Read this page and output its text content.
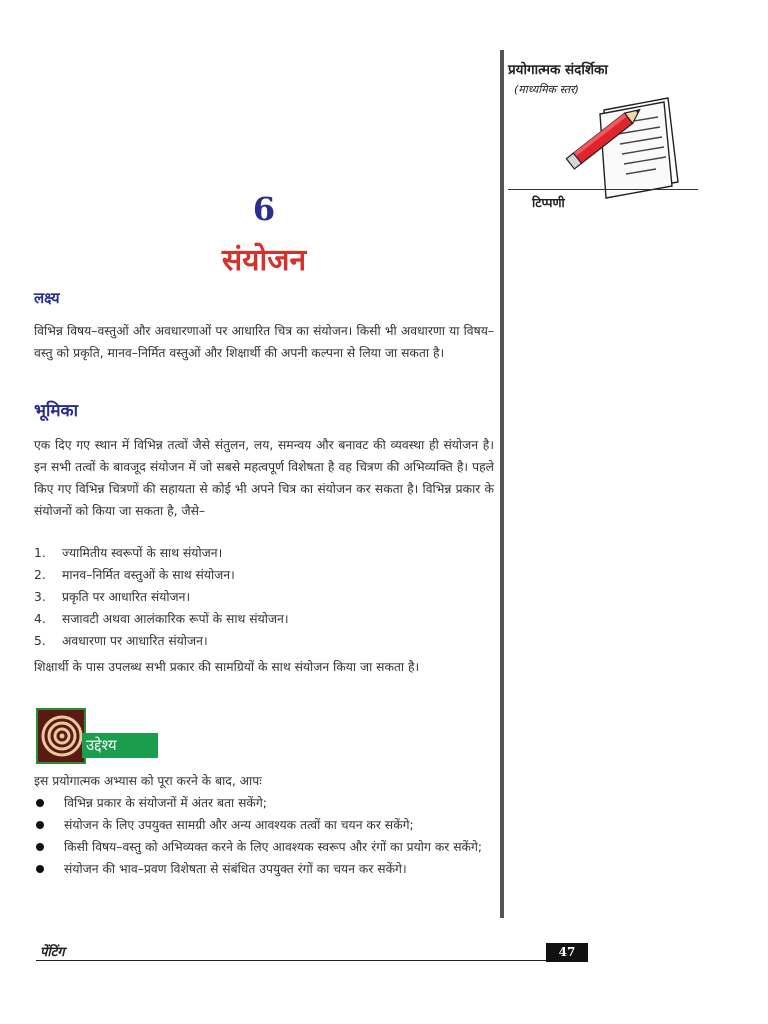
प्रयोगात्मक संदर्शिका
(माध्यमिक स्तर)
टिप्पणी
6
संयोजन
लक्ष्य
विभिन्न विषय–वस्तुओं और अवधारणाओं पर आधारित चित्र का संयोजन। किसी भी अवधारणा या विषय–वस्तु को प्रकृति, मानव–निर्मित वस्तुओं और शिक्षार्थी की अपनी कल्पना से लिया जा सकता है।
भूमिका
एक दिए गए स्थान में विभिन्न तत्वों जैसे संतुलन, लय, समन्वय और बनावट की व्यवस्था ही संयोजन है। इन सभी तत्वों के बावजूद संयोजन में जो सबसे महत्वपूर्ण विशेषता है वह चित्रण की अभिव्यक्ति है। पहले किए गए विभिन्न चित्रणों की सहायता से कोई भी अपने चित्र का संयोजन कर सकता है। विभिन्न प्रकार के संयोजनों को किया जा सकता है, जैसे–
1. ज्यामितीय स्वरूपों के साथ संयोजन।
2. मानव–निर्मित वस्तुओं के साथ संयोजन।
3. प्रकृति पर आधारित संयोजन।
4. सजावटी अथवा आलंकारिक रूपों के साथ संयोजन।
5. अवधारणा पर आधारित संयोजन।
शिक्षार्थी के पास उपलब्ध सभी प्रकार की सामग्रियों के साथ संयोजन किया जा सकता है।
उद्देश्य
इस प्रयोगात्मक अभ्यास को पूरा करने के बाद, आपः
विभिन्न प्रकार के संयोजनों में अंतर बता सकेंगे;
संयोजन के लिए उपयुक्त सामग्री और अन्य आवश्यक तत्वों का चयन कर सकेंगे;
किसी विषय–वस्तु को अभिव्यक्त करने के लिए आवश्यक स्वरूप और रंगों का प्रयोग कर सकेंगे;
संयोजन की भाव–प्रवण विशेषता से संबंधित उपयुक्त रंगों का चयन कर सकेंगे।
पेंटिंग	47
